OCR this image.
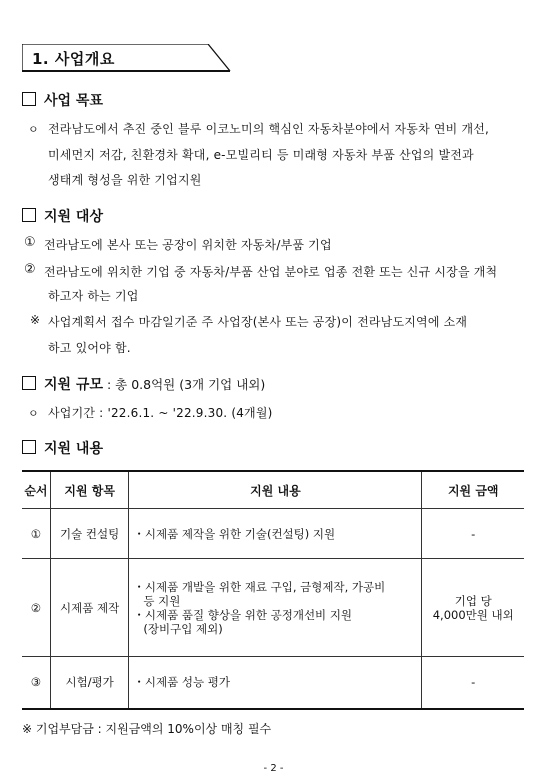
1. 사업개요
사업 목표
ㅇ 전라남도에서 추진 중인 블루 이코노미의 핵심인 자동차분야에서 자동차 연비 개선,
미세먼지 저감, 친환경차 확대, e-모빌리티 등 미래형 자동차 부품 산업의 발전과
생태계 형성을 위한 기업지원
지원 대상
① 전라남도에 본사 또는 공장이 위치한 자동차/부품 기업
② 전라남도에 위치한 기업 중 자동차/부품 산업 분야로 업종 전환 또는 신규 시장을 개척
하고자 하는 기업
※ 사업계획서 접수 마감일기준 주 사업장(본사 또는 공장)이 전라남도지역에 소재
하고 있어야 함.
지원 규모 : 총 0.8억원 (3개 기업 내외)
ㅇ 사업기간 : '22.6.1. ~ '22.9.30. (4개월)
지원 내용
순서	지원 항목	지원 내용	지원 금액
①	기술 컨설팅	・시제품 제작을 위한 기술(컨설팅) 지원	-
②	시제품 제작	・시제품 개발을 위한 재료 구입, 금형제작, 가공비
등 지원
・시제품 품질 향상을 위한 공정개선비 지원
(장비구입 제외)	기업 당
4,000만원 내외

③	시험/평가	・시제품 성능 평가	-
※ 기업부담금 : 지원금액의 10%이상 매칭 필수
- 2 -
